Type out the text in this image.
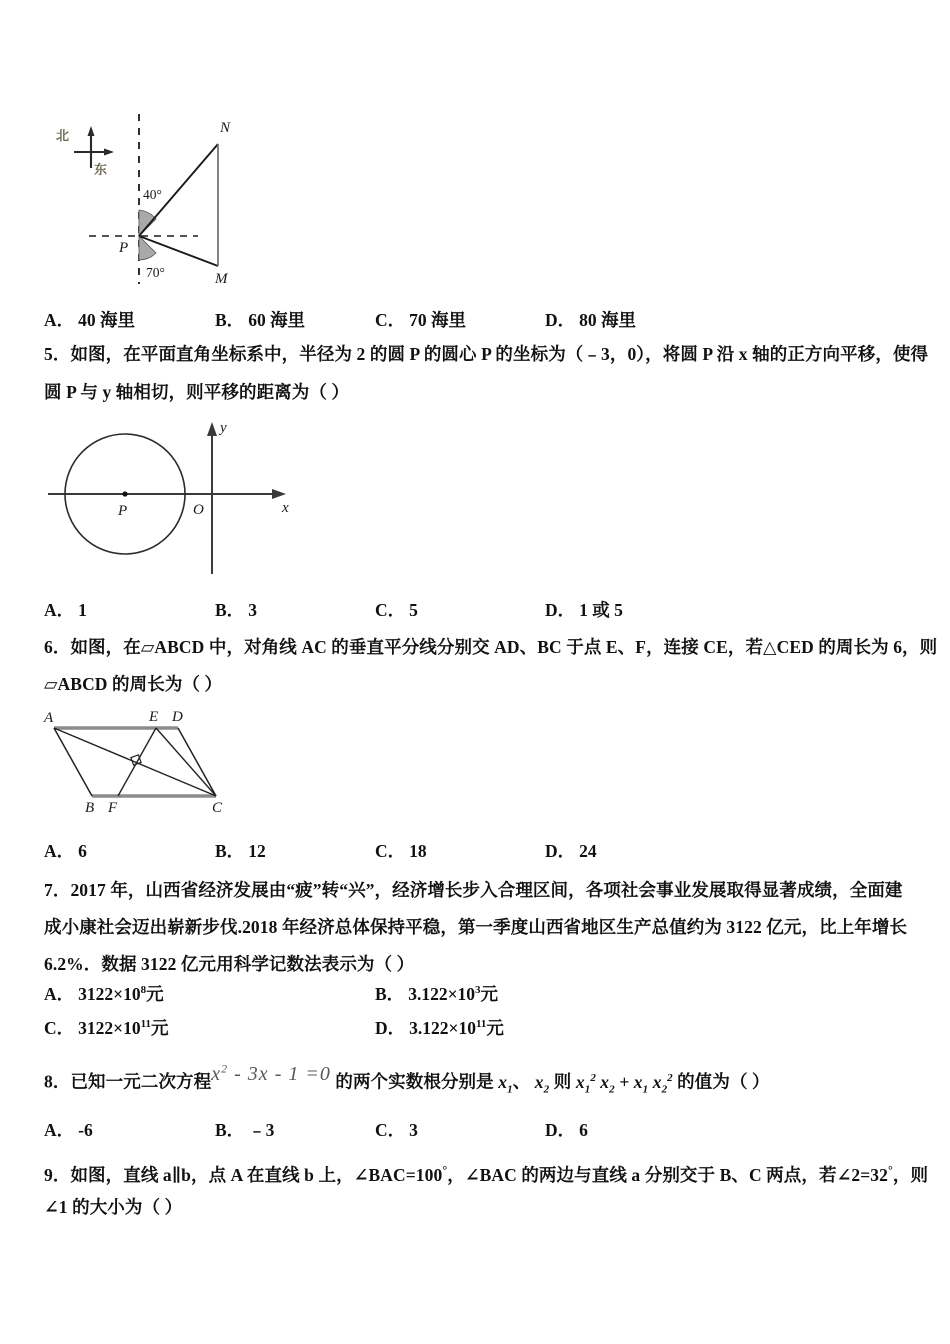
北
东
N
M
P
40°
70°
A． 40 海里	B． 60 海里	C． 70 海里	D． 80 海里
5．如图，在平面直角坐标系中，半径为 2 的圆 P 的圆心 P 的坐标为（﹣3，0），将圆 P 沿 x 轴的正方向平移，使得
圆 P 与 y 轴相切，则平移的距离为（ ）
P	O	x
y
A． 1	B． 3	C． 5	D． 1 或 5
6．如图，在▱ABCD 中，对角线 AC 的垂直平分线分别交 AD、BC 于点 E、F，连接 CE，若△CED 的周长为 6，则
▱ABCD 的周长为（ ）
A	E D
B F	C
A． 6	B． 12	C． 18	D． 24
7．2017 年，山西省经济发展由“疲”转“兴”，经济增长步入合理区间，各项社会事业发展取得显著成绩，全面建
成小康社会迈出崭新步伐.2018 年经济总体保持平稳，第一季度山西省地区生产总值约为 3122 亿元，比上年增长
6.2%．数据 3122 亿元用科学记数法表示为（ ）
A． $3122\times 10^8$元	B． $3.122\times 10^3$元
C． $3122\times 10^{11}$元	D． $3.122\times 10^{11}$元
8．已知一元二次方程$x^2 - 3x - 1 =0$ 的两个实数根分别是 $x_1$、 $x_2$ 则 $x_1^2$ $x_2 + x_1$ $x_2^2$ 的值为（ ）
A． -6	B． ﹣3	C． 3	D． 6
9．如图，直线 a∥b，点 A 在直线 b 上，∠BAC=100°，∠BAC 的两边与直线 a 分别交于 B、C 两点，若∠2=32°，则
∠1 的大小为（ ）
